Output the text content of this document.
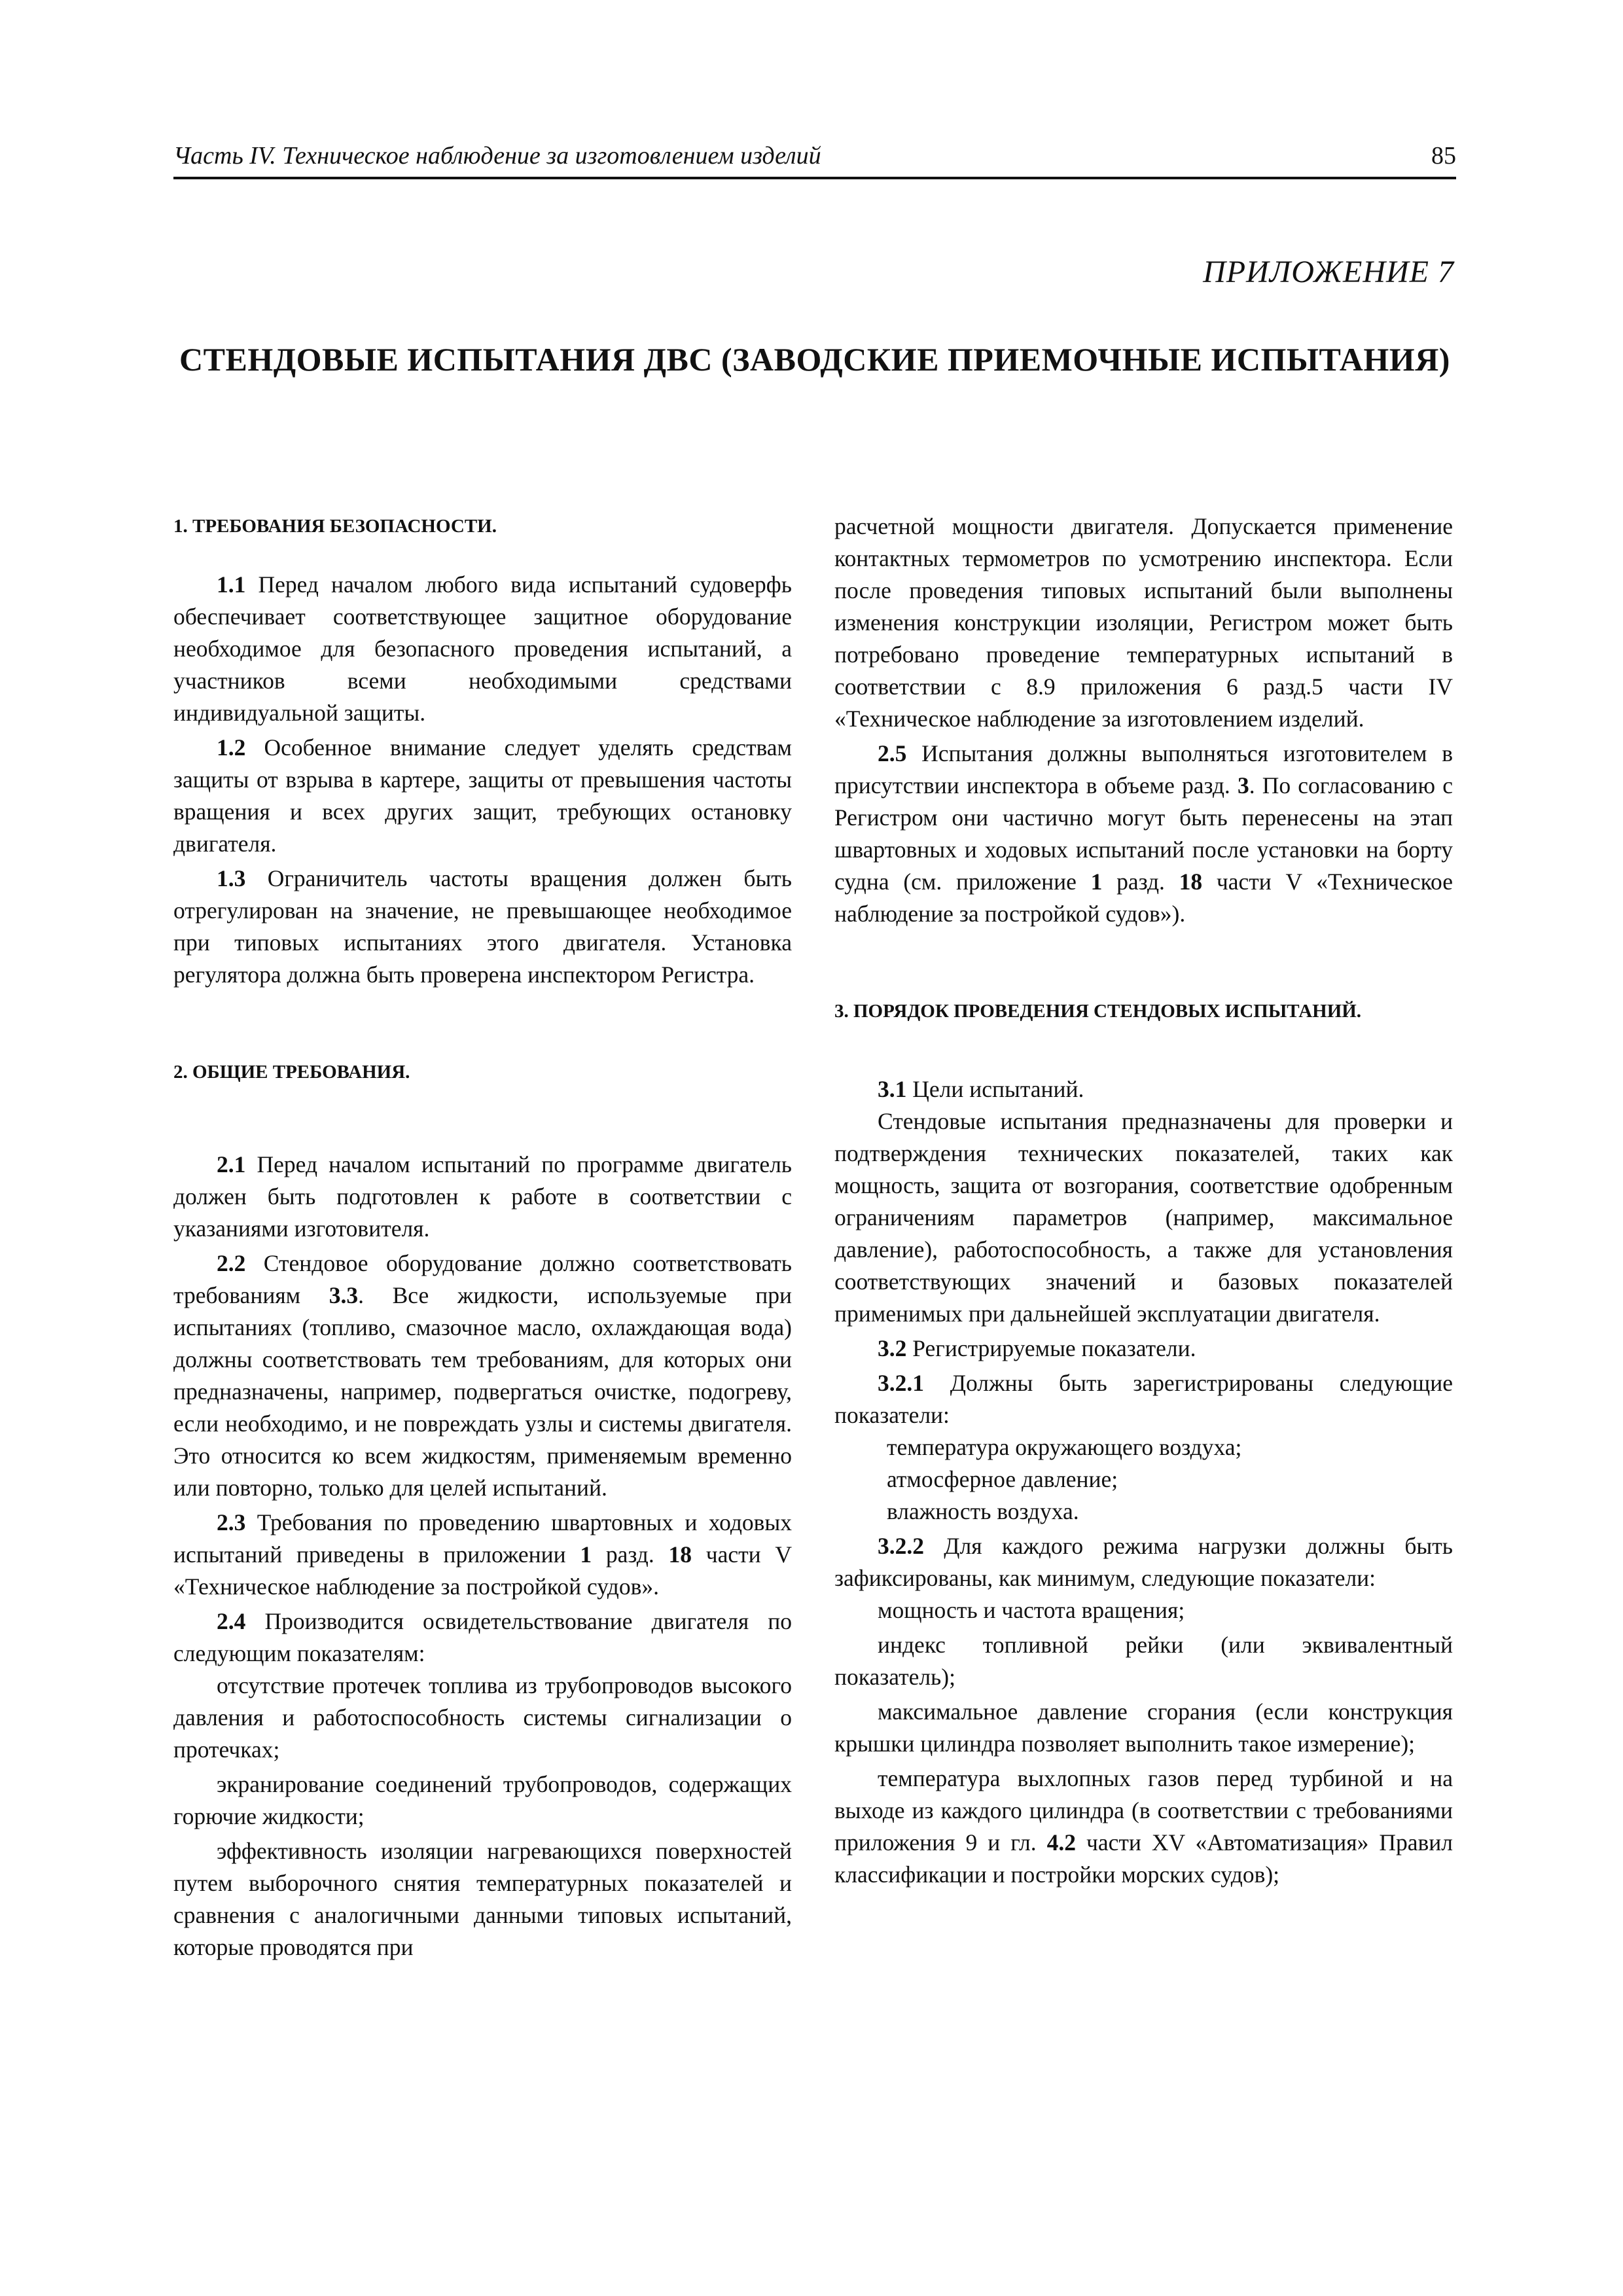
Часть IV. Техническое наблюдение за изготовлением изделий	85
ПРИЛОЖЕНИЕ 7
СТЕНДОВЫЕ ИСПЫТАНИЯ ДВС (ЗАВОДСКИЕ ПРИЕМОЧНЫЕ ИСПЫТАНИЯ)

1. ТРЕБОВАНИЯ БЕЗОПАСНОСТИ.

1.1 Перед началом любого вида испытаний судоверфь обеспечивает соответствующее защитное оборудование необходимое для безопасного проведения испытаний, а участников всеми необходимыми средствами индивидуальной защиты.

1.2 Особенное внимание следует уделять средствам защиты от взрыва в картере, защиты от превышения частоты вращения и всех других защит, требующих остановку двигателя.

1.3 Ограничитель частоты вращения должен быть отрегулирован на значение, не превышающее необходимое при типовых испытаниях этого двигателя. Установка регулятора должна быть проверена инспектором Регистра.

2. ОБЩИЕ ТРЕБОВАНИЯ.

2.1 Перед началом испытаний по программе двигатель должен быть подготовлен к работе в соответствии с указаниями изготовителя.

2.2 Стендовое оборудование должно соответствовать требованиям 3.3. Все жидкости, используемые при испытаниях (топливо, смазочное масло, охлаждающая вода) должны соответствовать тем требованиям, для которых они предназначены, например, подвергаться очистке, подогреву, если необходимо, и не повреждать узлы и системы двигателя. Это относится ко всем жидкостям, применяемым временно или повторно, только для целей испытаний.

2.3 Требования по проведению швартовных и ходовых испытаний приведены в приложении 1 разд. 18 части V «Техническое наблюдение за постройкой судов».

2.4 Производится освидетельствование двигателя по следующим показателям:

отсутствие протечек топлива из трубопроводов высокого давления и работоспособность системы сигнализации о протечках;

экранирование соединений трубопроводов, содержащих горючие жидкости;

эффективность изоляции нагревающихся поверхностей путем выборочного снятия температурных показателей и сравнения с аналогичными данными типовых испытаний, которые проводятся при

расчетной мощности двигателя. Допускается применение контактных термометров по усмотрению инспектора. Если после проведения типовых испытаний были выполнены изменения конструкции изоляции, Регистром может быть потребовано проведение температурных испытаний в соответствии с 8.9 приложения 6 разд.5 части IV «Техническое наблюдение за изготовлением изделий.

2.5 Испытания должны выполняться изготовителем в присутствии инспектора в объеме разд. 3. По согласованию с Регистром они частично могут быть перенесены на этап швартовных и ходовых испытаний после установки на борту судна (см. приложение 1 разд. 18 части V «Техническое наблюдение за постройкой судов»).

3. ПОРЯДОК ПРОВЕДЕНИЯ СТЕНДОВЫХ ИСПЫТАНИЙ.

3.1 Цели испытаний.

Стендовые испытания предназначены для проверки и подтверждения технических показателей, таких как мощность, защита от возгорания, соответствие одобренным ограничениям параметров (например, максимальное давление), работоспособность, а также для установления соответствующих значений и базовых показателей применимых при дальнейшей эксплуатации двигателя.

3.2 Регистрируемые показатели.

3.2.1 Должны быть зарегистрированы следующие показатели:

температура окружающего воздуха;

атмосферное давление;

влажность воздуха.

3.2.2 Для каждого режима нагрузки должны быть зафиксированы, как минимум, следующие показатели:

мощность и частота вращения;

индекс топливной рейки (или эквивалентный показатель);

максимальное давление сгорания (если конструкция крышки цилиндра позволяет выполнить такое измерение);

температура выхлопных газов перед турбиной и на выходе из каждого цилиндра (в соответствии с требованиями приложения 9 и гл. 4.2 части XV «Автоматизация» Правил классификации и постройки морских судов);
